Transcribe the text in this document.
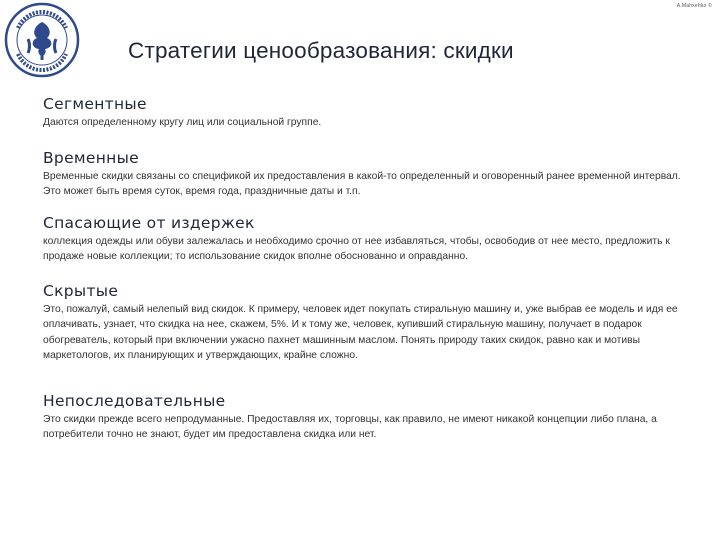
A.Mahxehko ©
Стратегии ценообразования: скидки
Сегментные

Даются определенному кругу лиц или социальной группе.

Временные

Временные скидки связаны со спецификой их предоставления в какой-то определенный и оговоренный ранее временной интервал. Это может быть время суток, время года, праздничные даты и т.п.

Спасающие от издержек

коллекция одежды или обуви залежалась и необходимо срочно от нее избавляться, чтобы, освободив от нее место, предложить к продаже новые коллекции; то использование скидок вполне обоснованно и оправданно.

Скрытые

Это, пожалуй, самый нелепый вид скидок. К примеру, человек идет покупать стиральную машину и, уже выбрав ее модель и идя ее оплачивать, узнает, что скидка на нее, скажем, 5%. И к тому же, человек, купивший стиральную машину, получает в подарок обогреватель, который при включении ужасно пахнет машинным маслом. Понять природу таких скидок, равно как и мотивы маркетологов, их планирующих и утверждающих, крайне сложно.

Непоследовательные

Это скидки прежде всего непродуманные. Предоставляя их, торговцы, как правило, не имеют никакой концепции либо плана, а потребители точно не знают, будет им предоставлена скидка или нет.
